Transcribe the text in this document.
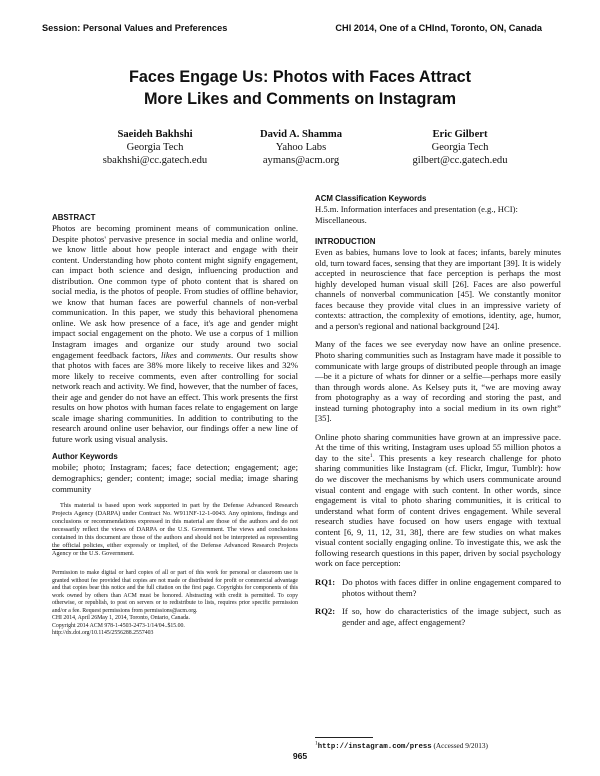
Session: Personal Values and Preferences	CHI 2014, One of a CHInd, Toronto, ON, Canada
Faces Engage Us: Photos with Faces Attract
More Likes and Comments on Instagram
Saeideh Bakhshi
Georgia Tech
sbakhshi@cc.gatech.edu
David A. Shamma
Yahoo Labs
aymans@acm.org
Eric Gilbert
Georgia Tech
gilbert@cc.gatech.edu
ABSTRACT

Photos are becoming prominent means of communication online. Despite photos' pervasive presence in social media and online world, we know little about how people interact and engage with their content. Understanding how photo content might signify engagement, can impact both science and design, influencing production and distribution. One common type of photo content that is shared on social media, is the photos of people. From studies of offline behavior, we know that human faces are powerful channels of non-verbal communication. In this paper, we study this behavioral phenomena online. We ask how presence of a face, it's age and gender might impact social engagement on the photo. We use a corpus of 1 million Instagram images and organize our study around two social engagement feedback factors, likes and comments. Our results show that photos with faces are 38% more likely to receive likes and 32% more likely to receive comments, even after controlling for social network reach and activity. We find, however, that the number of faces, their age and gender do not have an effect. This work presents the first results on how photos with human faces relate to engagement on large scale image sharing communities. In addition to contributing to the research around online user behavior, our findings offer a new line of future work using visual analysis.

Author Keywords

mobile; photo; Instagram; faces; face detection; engagement; age; demographics; gender; content; image; social media; image sharing community

This material is based upon work supported in part by the Defense Advanced Research Projects Agency (DARPA) under Contract No. W911NF-12-1-0043. Any opinions, findings and conclusions or recommendations expressed in this material are those of the authors and do not necessarily reflect the views of DARPA or the U.S. Government. The views and conclusions contained in this document are those of the authors and should not be interpreted as representing the official policies, either expressly or implied, of the Defense Advanced Research Projects Agency or the U.S. Government.

Permission to make digital or hard copies of all or part of this work for personal or classroom use is granted without fee provided that copies are not made or distributed for profit or commercial advantage and that copies bear this notice and the full citation on the first page. Copyrights for components of this work owned by others than ACM must be honored. Abstracting with credit is permitted. To copy otherwise, or republish, to post on servers or to redistribute to lists, requires prior specific permission and/or a fee. Request permissions from permissions@acm.org.

CHI 2014, April 26May 1, 2014, Toronto, Ontario, Canada.

Copyright 2014 ACM 978-1-4503-2473-1/14/04..$15.00.

http://dx.doi.org/10.1145/2556288.2557403

ACM Classification Keywords

H.5.m. Information interfaces and presentation (e.g., HCI): Miscellaneous.

INTRODUCTION

Even as babies, humans love to look at faces; infants, barely minutes old, turn toward faces, sensing that they are important [39]. It is widely accepted in neuroscience that face perception is perhaps the most highly developed human visual skill [26]. Faces are also powerful channels of nonverbal communication [45]. We constantly monitor faces because they provide vital clues in an impressive variety of contexts: attraction, the complexity of emotions, identity, age, humor, and a person's regional and national background [24].

Many of the faces we see everyday now have an online presence. Photo sharing communities such as Instagram have made it possible to communicate with large groups of distributed people through an image—be it a picture of whats for dinner or a selfie—perhaps more easily than through words alone. As Kelsey puts it, “we are moving away from photography as a way of recording and storing the past, and instead turning photography into a social medium in its own right” [35].

Online photo sharing communities have grown at an impressive pace. At the time of this writing, Instagram uses upload 55 million photos a day to the site$^1$. This presents a key research challenge for photo sharing communities like Instagram (cf. Flickr, Imgur, Tumblr): how do we discover the mechanisms by which users communicate around visual content and engage with such content. In other words, since engagement is vital to photo sharing communities, it is critical to understand what form of content drives engagement. While several research studies have focused on how users engage with textual content [6, 9, 11, 12, 31, 38], there are few studies on what makes visual content socially engaging online. To investigate this, we ask the following research questions in this paper, driven by social psychology work on face perception:

RQ1: Do photos with faces differ in online engagement compared to photos without them?
RQ2: If so, how do characteristics of the image subject, such as gender and age, affect engagement?
$^1$http://instagram.com/press (Accessed 9/2013)
965
